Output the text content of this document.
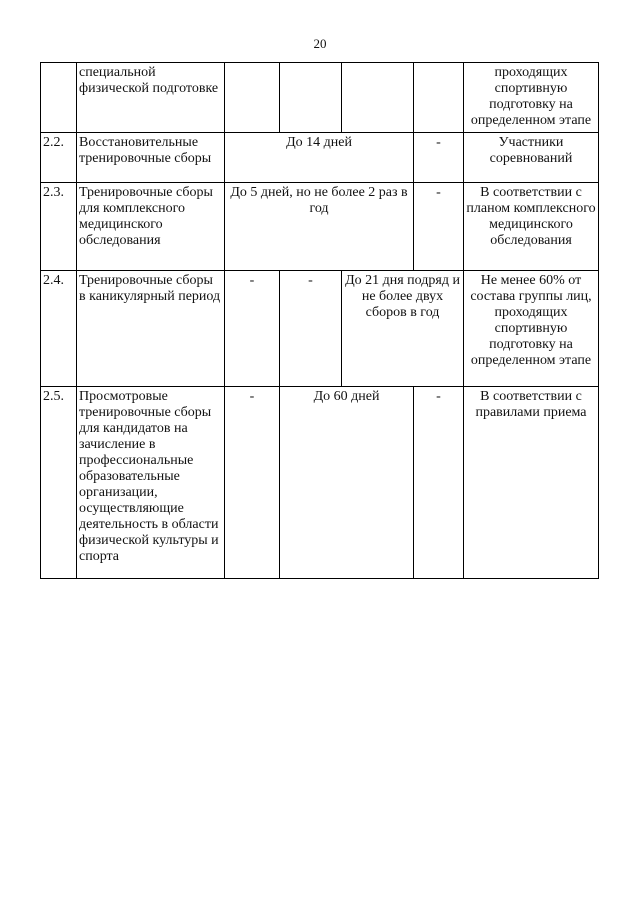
20
	специальной физической подготовке					проходящих спортивную подготовку на определенном этапе
2.2.	Восстановительные тренировочные сборы	До 14 дней			-	Участники соревнований
2.3.	Тренировочные сборы для комплексного медицинского обследования	До 5 дней, но не более 2 раз в год			-	В соответствии с планом комплексного медицинского обследования
2.4.	Тренировочные сборы в каникулярный период	-	-	До 21 дня подряд и не более двух сборов в год		Не менее 60% от состава группы лиц, проходящих спортивную подготовку на определенном этапе
2.5.	Просмотровые тренировочные сборы для кандидатов на зачисление в профессиональные образовательные организации, осуществляющие деятельность в области физической культуры и спорта	-	До 60 дней		-	В соответствии с правилами приема
